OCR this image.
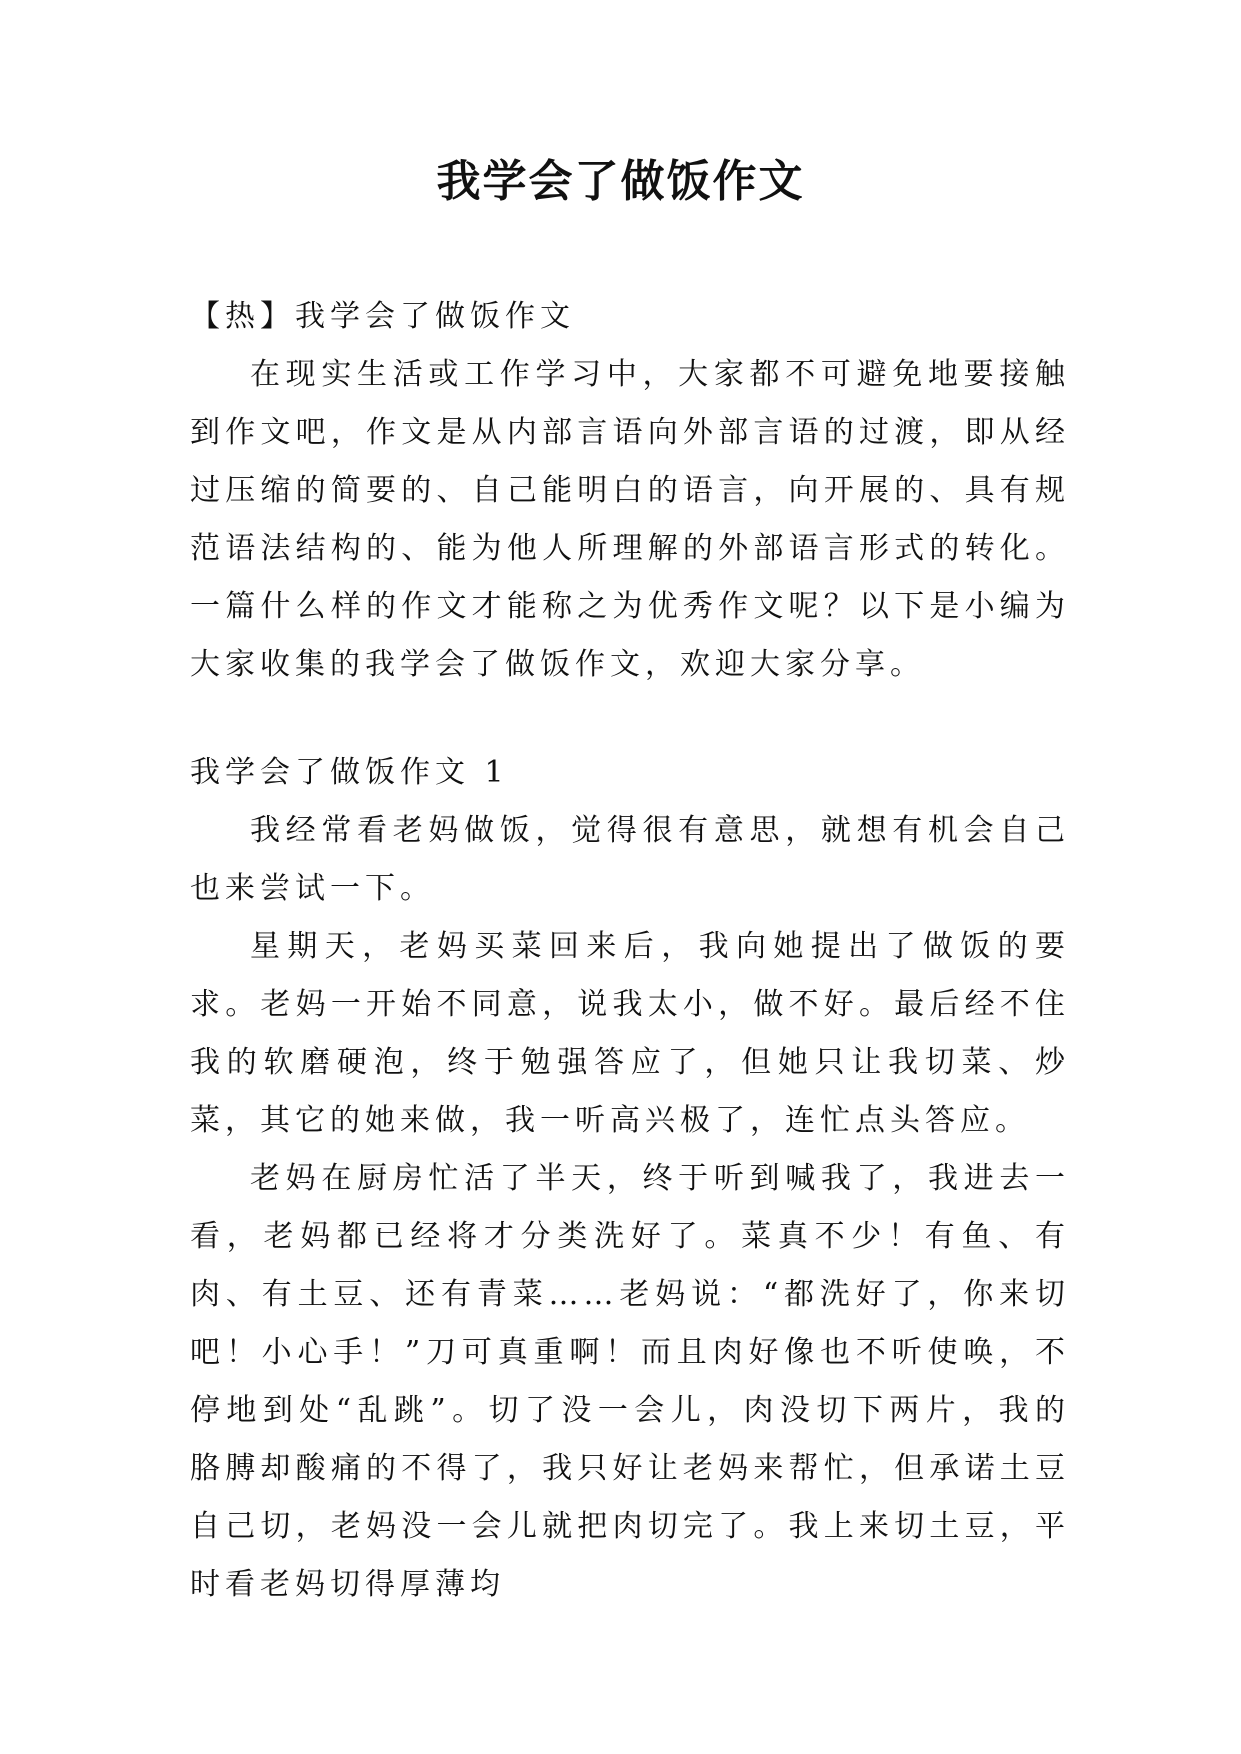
我学会了做饭作文

【热】我学会了做饭作文

在现实生活或工作学习中，大家都不可避免地要接触到作文吧，作文是从内部言语向外部言语的过渡，即从经过压缩的简要的、自己能明白的语言，向开展的、具有规范语法结构的、能为他人所理解的外部语言形式的转化。一篇什么样的作文才能称之为优秀作文呢？以下是小编为大家收集的我学会了做饭作文，欢迎大家分享。

我学会了做饭作文 1

我经常看老妈做饭，觉得很有意思，就想有机会自己也来尝试一下。

星期天，老妈买菜回来后，我向她提出了做饭的要求。老妈一开始不同意，说我太小，做不好。最后经不住我的软磨硬泡，终于勉强答应了，但她只让我切菜、炒菜，其它的她来做，我一听高兴极了，连忙点头答应。

老妈在厨房忙活了半天，终于听到喊我了，我进去一看，老妈都已经将才分类洗好了。菜真不少！有鱼、有肉、有土豆、还有青菜……老妈说：“都洗好了，你来切吧！小心手！”刀可真重啊！而且肉好像也不听使唤，不停地到处“乱跳”。切了没一会儿，肉没切下两片，我的胳膊却酸痛的不得了，我只好让老妈来帮忙，但承诺土豆自己切，老妈没一会儿就把肉切完了。我上来切土豆，平时看老妈切得厚薄均
